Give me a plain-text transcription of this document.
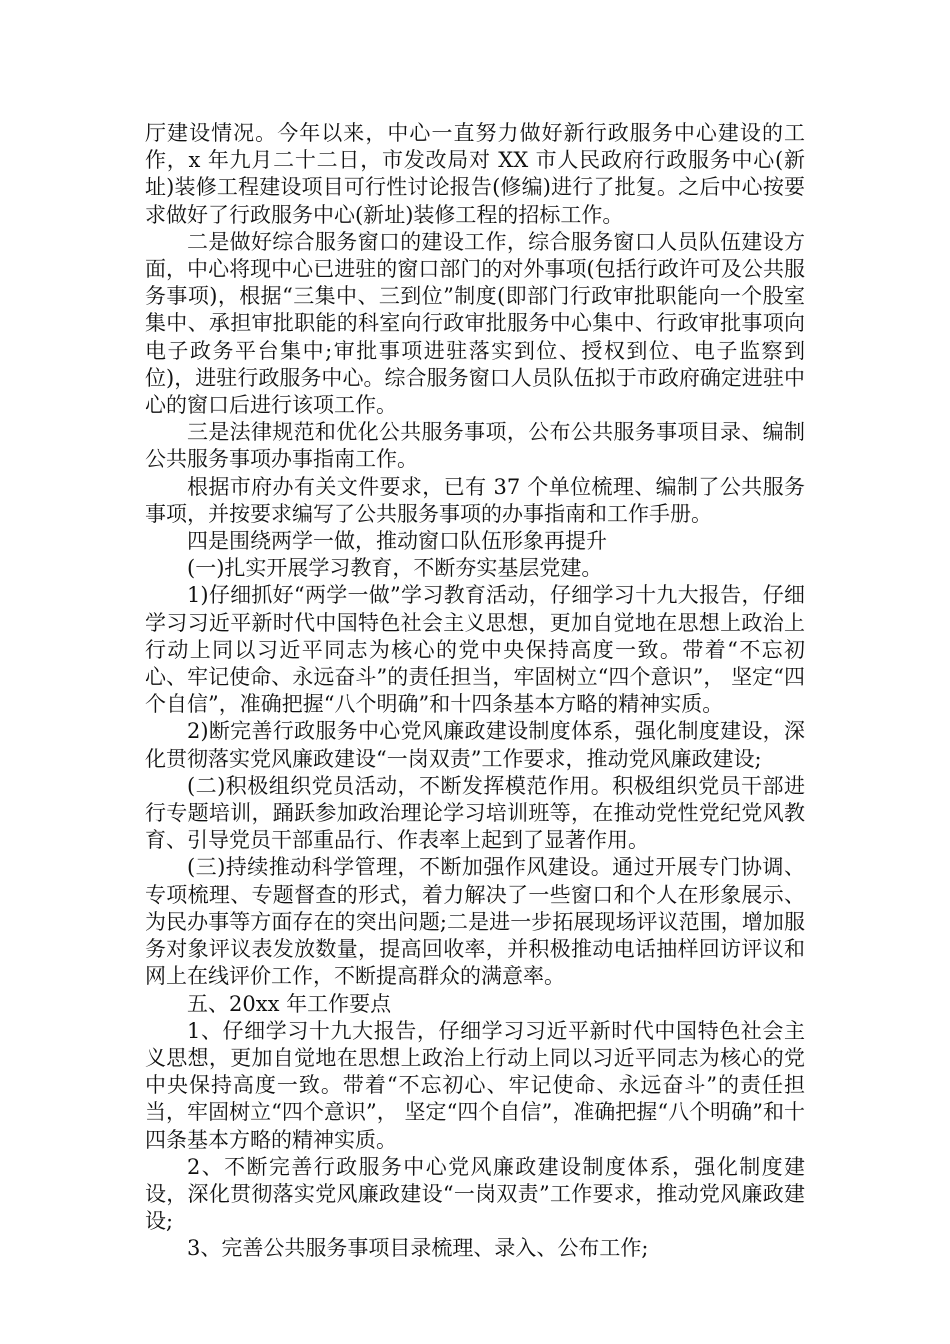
厅建设情况。今年以来，中心一直努力做好新行政服务中心建设的工作，x 年九月二十二日，市发改局对 XX 市人民政府行政服务中心(新址)装修工程建设项目可行性讨论报告(修编)进行了批复。之后中心按要求做好了行政服务中心(新址)装修工程的招标工作。

二是做好综合服务窗口的建设工作，综合服务窗口人员队伍建设方面，中心将现中心已进驻的窗口部门的对外事项(包括行政许可及公共服务事项)，根据“三集中、三到位”制度(即部门行政审批职能向一个股室集中、承担审批职能的科室向行政审批服务中心集中、行政审批事项向电子政务平台集中;审批事项进驻落实到位、授权到位、电子监察到位)，进驻行政服务中心。综合服务窗口人员队伍拟于市政府确定进驻中心的窗口后进行该项工作。

三是法律规范和优化公共服务事项，公布公共服务事项目录、编制公共服务事项办事指南工作。

根据市府办有关文件要求，已有 37 个单位梳理、编制了公共服务事项，并按要求编写了公共服务事项的办事指南和工作手册。

四是围绕两学一做，推动窗口队伍形象再提升

(一)扎实开展学习教育，不断夯实基层党建。

1)仔细抓好“两学一做”学习教育活动，仔细学习十九大报告，仔细学习习近平新时代中国特色社会主义思想，更加自觉地在思想上政治上行动上同以习近平同志为核心的党中央保持高度一致。带着“不忘初心、牢记使命、永远奋斗”的责任担当，牢固树立“四个意识”， 坚定“四个自信”，准确把握“八个明确”和十四条基本方略的精神实质。

2)断完善行政服务中心党风廉政建设制度体系，强化制度建设，深化贯彻落实党风廉政建设“一岗双责”工作要求，推动党风廉政建设;

(二)积极组织党员活动，不断发挥模范作用。积极组织党员干部进行专题培训，踊跃参加政治理论学习培训班等，在推动党性党纪党风教育、引导党员干部重品行、作表率上起到了显著作用。

(三)持续推动科学管理，不断加强作风建设。通过开展专门协调、专项梳理、专题督查的形式，着力解决了一些窗口和个人在形象展示、为民办事等方面存在的突出问题;二是进一步拓展现场评议范围，增加服务对象评议表发放数量，提高回收率，并积极推动电话抽样回访评议和网上在线评价工作，不断提高群众的满意率。

五、20xx 年工作要点

1、仔细学习十九大报告，仔细学习习近平新时代中国特色社会主义思想，更加自觉地在思想上政治上行动上同以习近平同志为核心的党中央保持高度一致。带着“不忘初心、牢记使命、永远奋斗”的责任担当，牢固树立“四个意识”， 坚定“四个自信”，准确把握“八个明确”和十四条基本方略的精神实质。

2、不断完善行政服务中心党风廉政建设制度体系，强化制度建设，深化贯彻落实党风廉政建设“一岗双责”工作要求，推动党风廉政建设;

3、完善公共服务事项目录梳理、录入、公布工作;
